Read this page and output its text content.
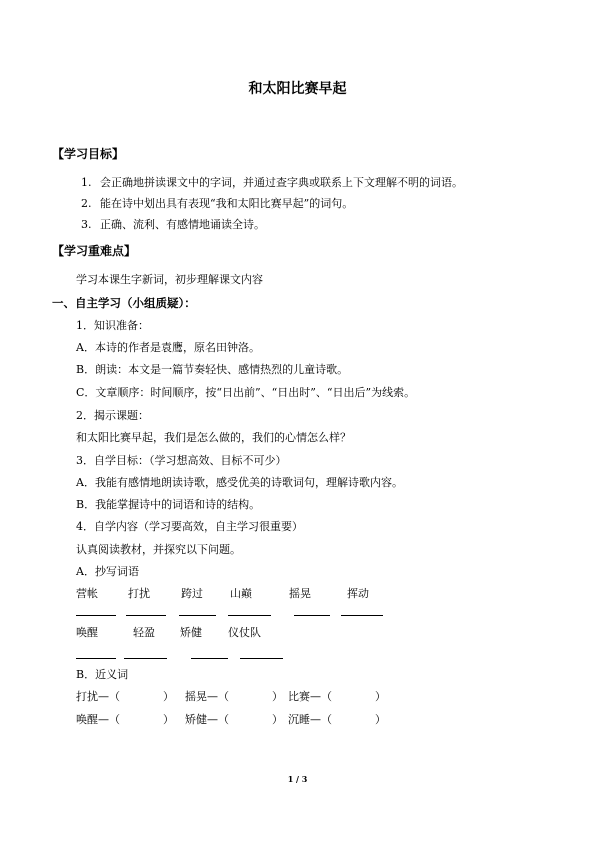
和太阳比赛早起
【学习目标】
1. 会正确地拼读课文中的字词，并通过查字典或联系上下文理解不明的词语。
2. 能在诗中划出具有表现“我和太阳比赛早起”的词句。
3. 正确、流利、有感情地诵读全诗。
【学习重难点】
学习本课生字新词，初步理解课文内容
一、自主学习（小组质疑）：
1．知识准备：
A．本诗的作者是袁鹰，原名田钟洛。
B．朗读：本文是一篇节奏轻快、感情热烈的儿童诗歌。
C．文章顺序：时间顺序，按“日出前”、“日出时”、“日出后”为线索。
2．揭示课题：
和太阳比赛早起，我们是怎么做的，我们的心情怎么样？
3．自学目标：（学习想高效、目标不可少）
A．我能有感情地朗读诗歌，感受优美的诗歌词句，理解诗歌内容。
B．我能掌握诗中的词语和诗的结构。
4．自学内容（学习要高效，自主学习很重要）
认真阅读教材，并探究以下问题。
A．抄写词语
营帐	打扰	跨过 山巅	摇晃	挥动
唤醒	轻盈 矫健 仪仗队
B．近义词
打扰—（	） 摇晃—（	） 比赛—（	）
唤醒—（	） 矫健—（	） 沉睡—（	）
1 / 3
